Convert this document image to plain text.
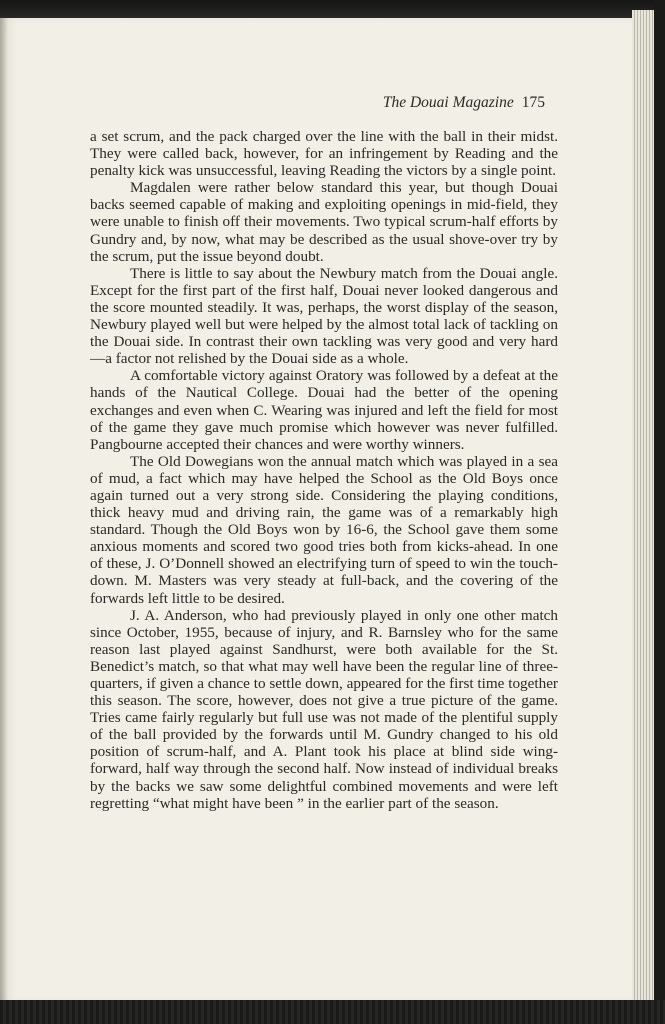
The Douai Magazine 175

a set scrum, and the pack charged over the line with the ball in their midst. They were called back, however, for an infringement by Reading and the penalty kick was unsuccessful, leaving Reading the victors by a single point.

Magdalen were rather below standard this year, but though Douai backs seemed capable of making and exploiting openings in mid-field, they were unable to finish off their movements. Two typical scrum-half efforts by Gundry and, by now, what may be described as the usual shove-over try by the scrum, put the issue beyond doubt.

There is little to say about the Newbury match from the Douai angle. Except for the first part of the first half, Douai never looked dangerous and the score mounted steadily. It was, perhaps, the worst display of the season, Newbury played well but were helped by the almost total lack of tackling on the Douai side. In contrast their own tackling was very good and very hard—a factor not relished by the Douai side as a whole.

A comfortable victory against Oratory was followed by a defeat at the hands of the Nautical College. Douai had the better of the opening exchanges and even when C. Wearing was injured and left the field for most of the game they gave much promise which however was never fulfilled. Pangbourne accepted their chances and were worthy winners.

The Old Dowegians won the annual match which was played in a sea of mud, a fact which may have helped the School as the Old Boys once again turned out a very strong side. Considering the playing conditions, thick heavy mud and driving rain, the game was of a remarkably high standard. Though the Old Boys won by 16-6, the School gave them some anxious moments and scored two good tries both from kicks-ahead. In one of these, J. O’Donnell showed an electrifying turn of speed to win the touch-down. M. Masters was very steady at full-back, and the covering of the forwards left little to be desired.

J. A. Anderson, who had previously played in only one other match since October, 1955, because of injury, and R. Barnsley who for the same reason last played against Sandhurst, were both available for the St. Benedict’s match, so that what may well have been the regular line of three-quarters, if given a chance to settle down, appeared for the first time together this season. The score, however, does not give a true picture of the game. Tries came fairly regularly but full use was not made of the plentiful supply of the ball provided by the forwards until M. Gundry changed to his old position of scrum-half, and A. Plant took his place at blind side wing-forward, half way through the second half. Now instead of individual breaks by the backs we saw some delightful combined movements and were left regretting “what might have been ” in the earlier part of the season.
